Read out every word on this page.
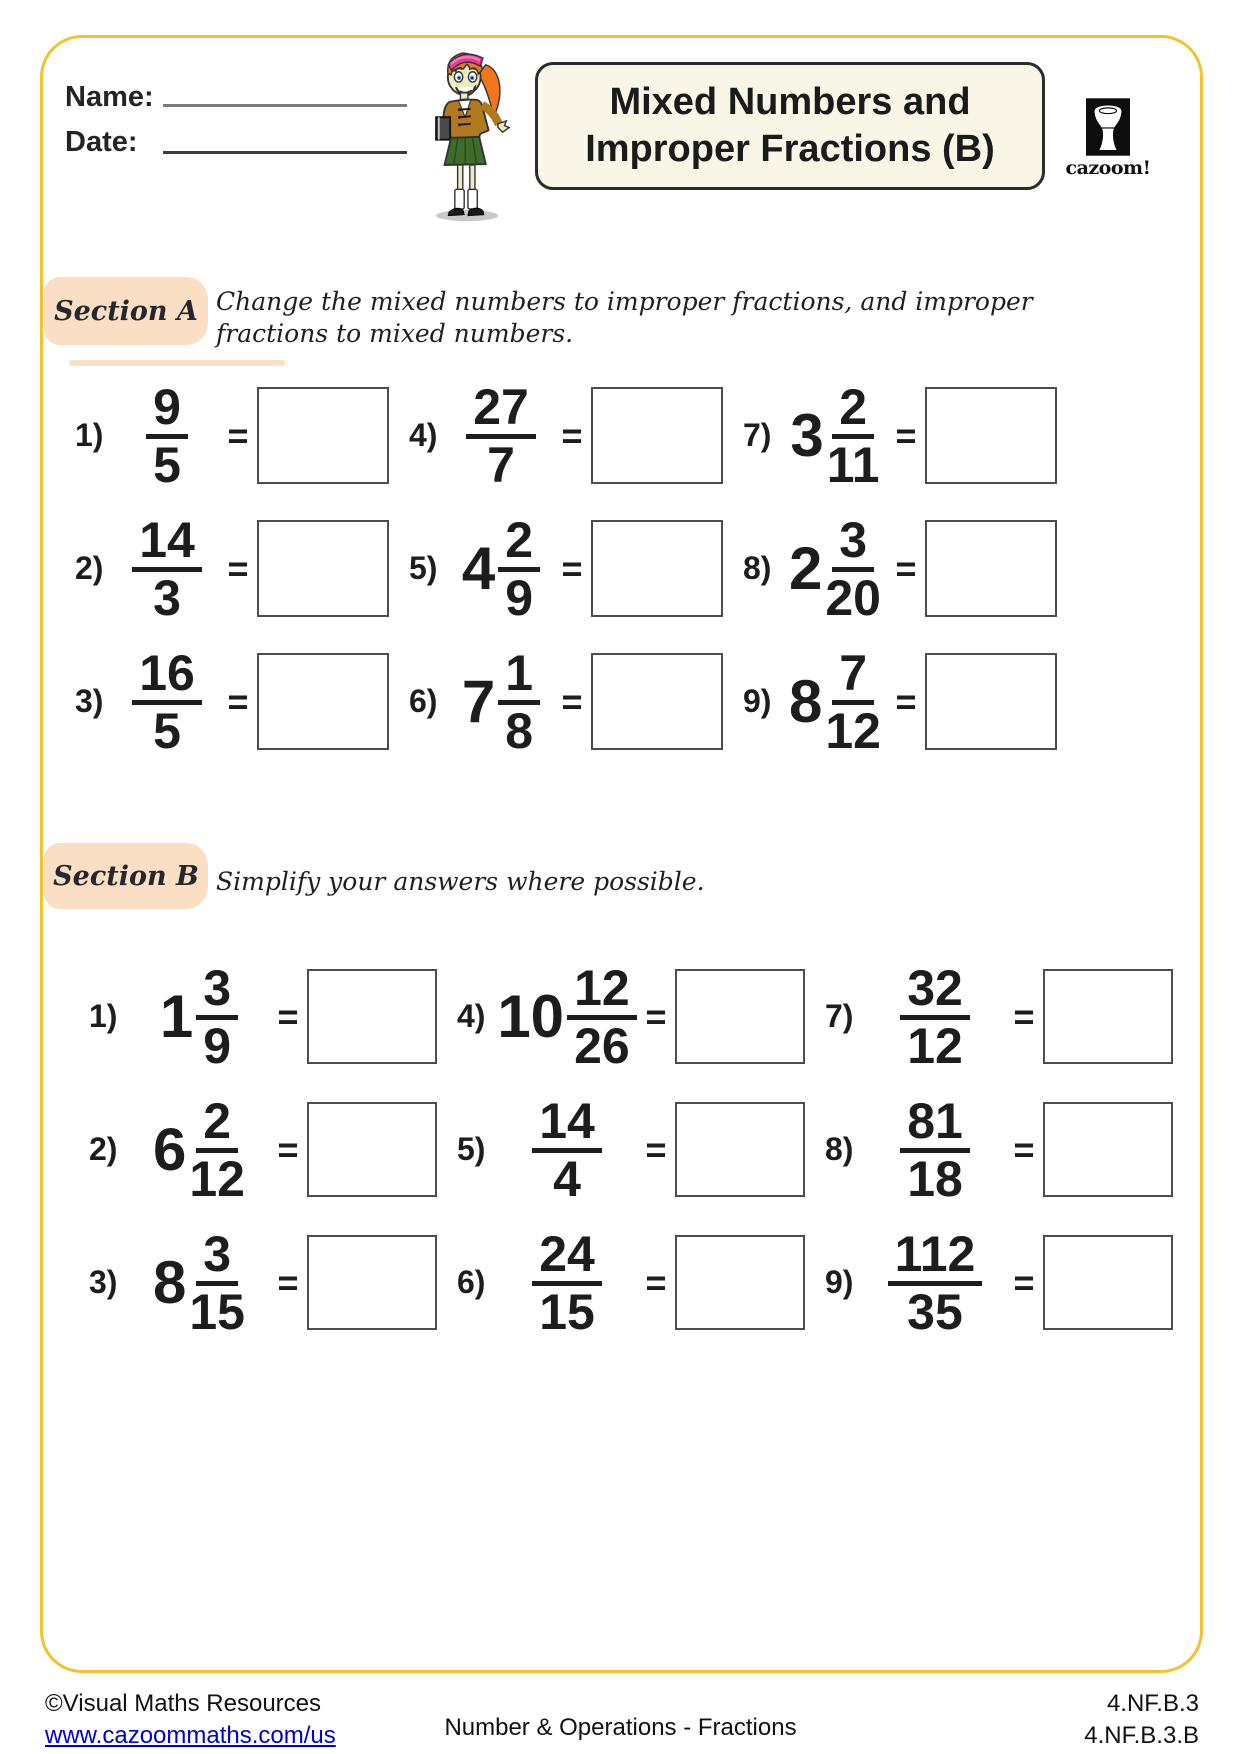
Name:
Date:
Mixed Numbers and
Improper Fractions (B)	cazoom!
Section A Change the mixed numbers to improper fractions, and improper
fractions to mixed numbers.
$1) \frac{9}{5}$ =
$2) \frac{14}{3}$ =
$3) \frac{16}{5}$ =
$4) \frac{27}{7}$ =
5) $4 \frac{2}{9}$ =
6) $7 \frac{1}{8}$ =
7) $3 \frac{2}{11}$ =
8) $2 \frac{3}{20}$ =
9) $8 \frac{7}{12}$ =
Section B Simplify your answers where possible.
1) $1 \frac{3}{9}$ =
2) $6 \frac{2}{12}$ =
3) $8 \frac{3}{15}$ =
4) $10 \frac{12}{26}$ =
$5) \frac{14}{4}$ =
$6) \frac{24}{15}$ =
$7) \frac{32}{12}$ =
$8) \frac{81}{18}$ =
$9) \frac{112}{35}$ =
©Visual Maths Resources
www.cazoommaths.com/us	Number & Operations - Fractions
4.NF.B.3
4.NF.B.3.B
